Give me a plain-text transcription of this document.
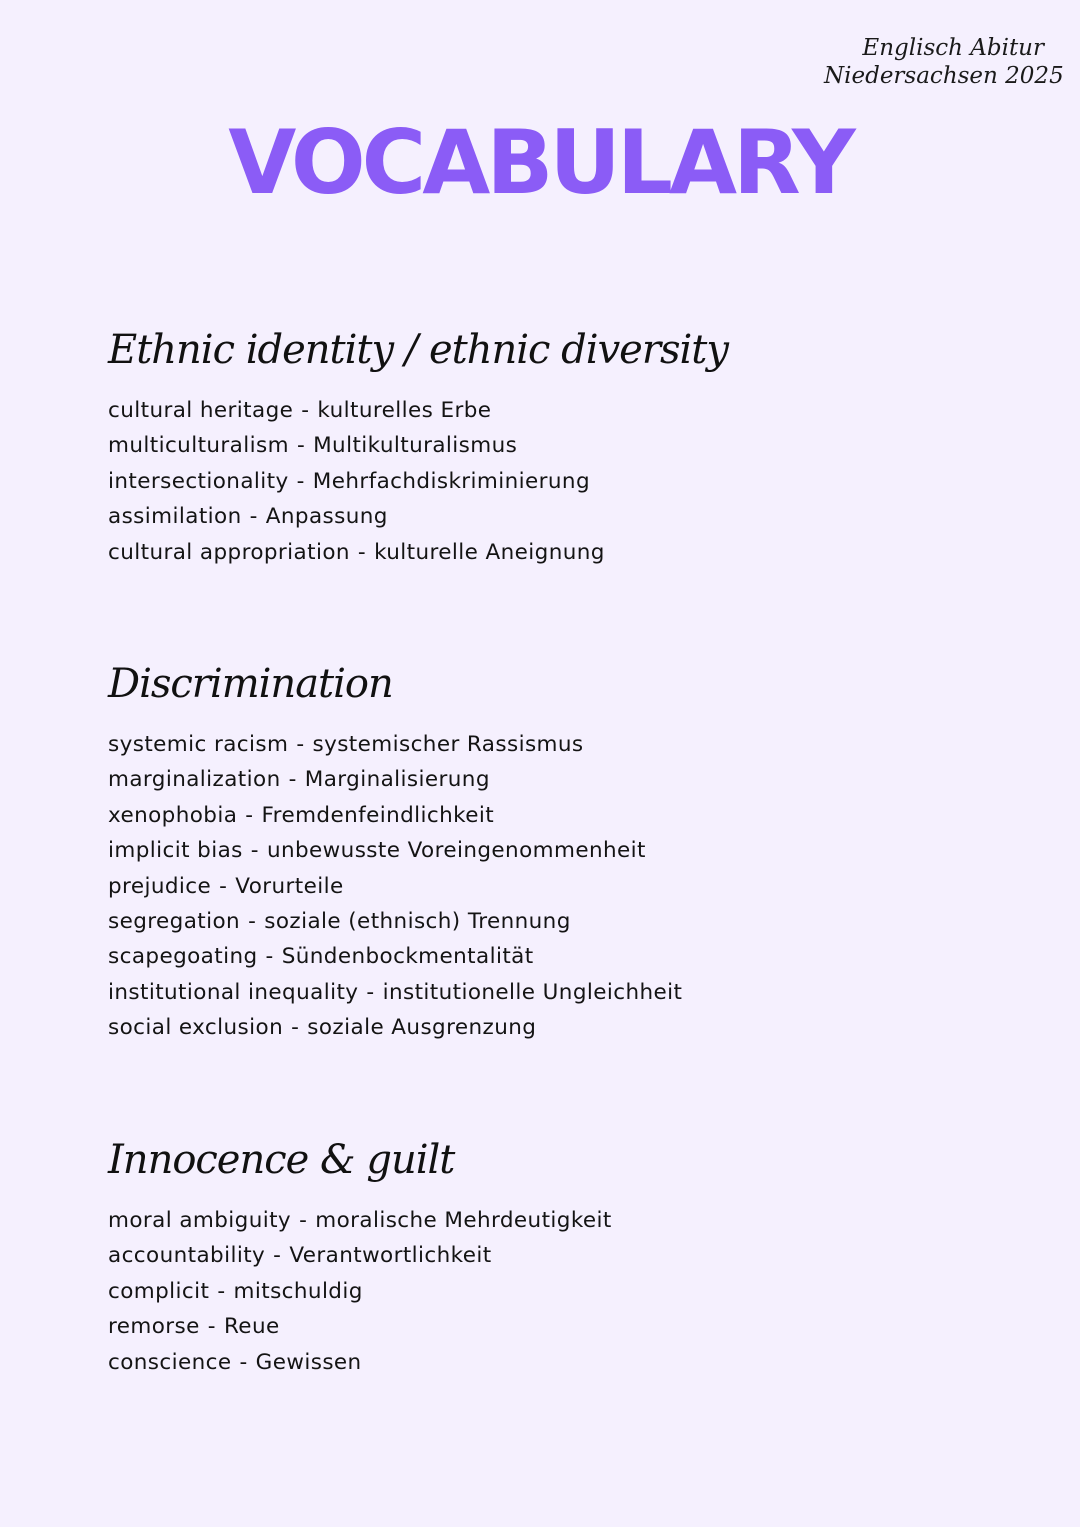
Englisch Abitur
Niedersachsen 2025
VOCABULARY
Ethnic identity / ethnic diversity
cultural heritage - kulturelles Erbe
multiculturalism - Multikulturalismus
intersectionality - Mehrfachdiskriminierung
assimilation - Anpassung
cultural appropriation - kulturelle Aneignung
Discrimination
systemic racism - systemischer Rassismus
marginalization - Marginalisierung
xenophobia - Fremdenfeindlichkeit
implicit bias - unbewusste Voreingenommenheit
prejudice - Vorurteile
segregation - soziale (ethnisch) Trennung
scapegoating - Sündenbockmentalität
institutional inequality - institutionelle Ungleichheit
social exclusion - soziale Ausgrenzung
Innocence & guilt
moral ambiguity - moralische Mehrdeutigkeit
accountability - Verantwortlichkeit
complicit - mitschuldig
remorse - Reue
conscience - Gewissen
